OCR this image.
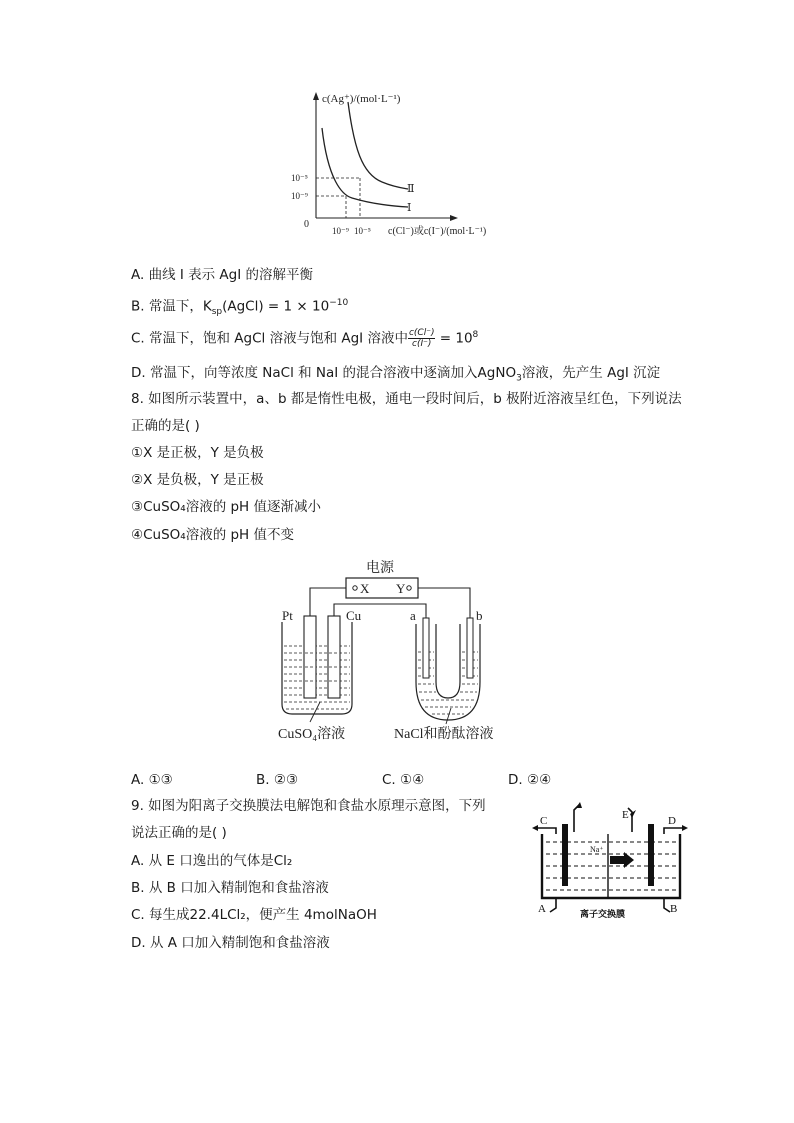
c(Ag⁺)/(mol·L⁻¹)
10⁻⁵
10⁻⁹
0
10⁻⁹ 10⁻⁵ c(Cl⁻)或c(I⁻)/(mol·L⁻¹)
Ⅱ
Ⅰ
A. 曲线 I 表示 AgI 的溶解平衡
B. 常温下，$K_{sp}(AgCl) = 1 \times 10^{-10}$
C. 常温下，饱和 AgCl 溶液与饱和 AgI 溶液中 $\frac{c(Cl^-)}{c(I^-)} = 10^8$
D. 常温下，向等浓度 NaCl 和 NaI 的混合溶液中逐滴加入AgNO$_3$溶液，先产生 AgI 沉淀
8. 如图所示装置中，a、b 都是惰性电极，通电一段时间后，b 极附近溶液呈红色，下列说法
正确的是( )
①X 是正极，Y 是负极
②X 是负极，Y 是正极
③CuSO₄溶液的 pH 值逐渐减小
④CuSO₄溶液的 pH 值不变
电源
X Y
Pt	Cu	a	b
CuSO₄溶液	NaCl和酚酞溶液
A. ①③	B. ②③	C. ①④	D. ②④
9. 如图为阳离子交换膜法电解饱和食盐水原理示意图，下列
说法正确的是( )
A. 从 E 口逸出的气体是Cl₂
B. 从 B 口加入精制饱和食盐溶液
C. 每生成22.4LCl₂，便产生 4molNaOH
D. 从 A 口加入精制饱和食盐溶液
C	E	D
A	B
Na⁺
离子交换膜
